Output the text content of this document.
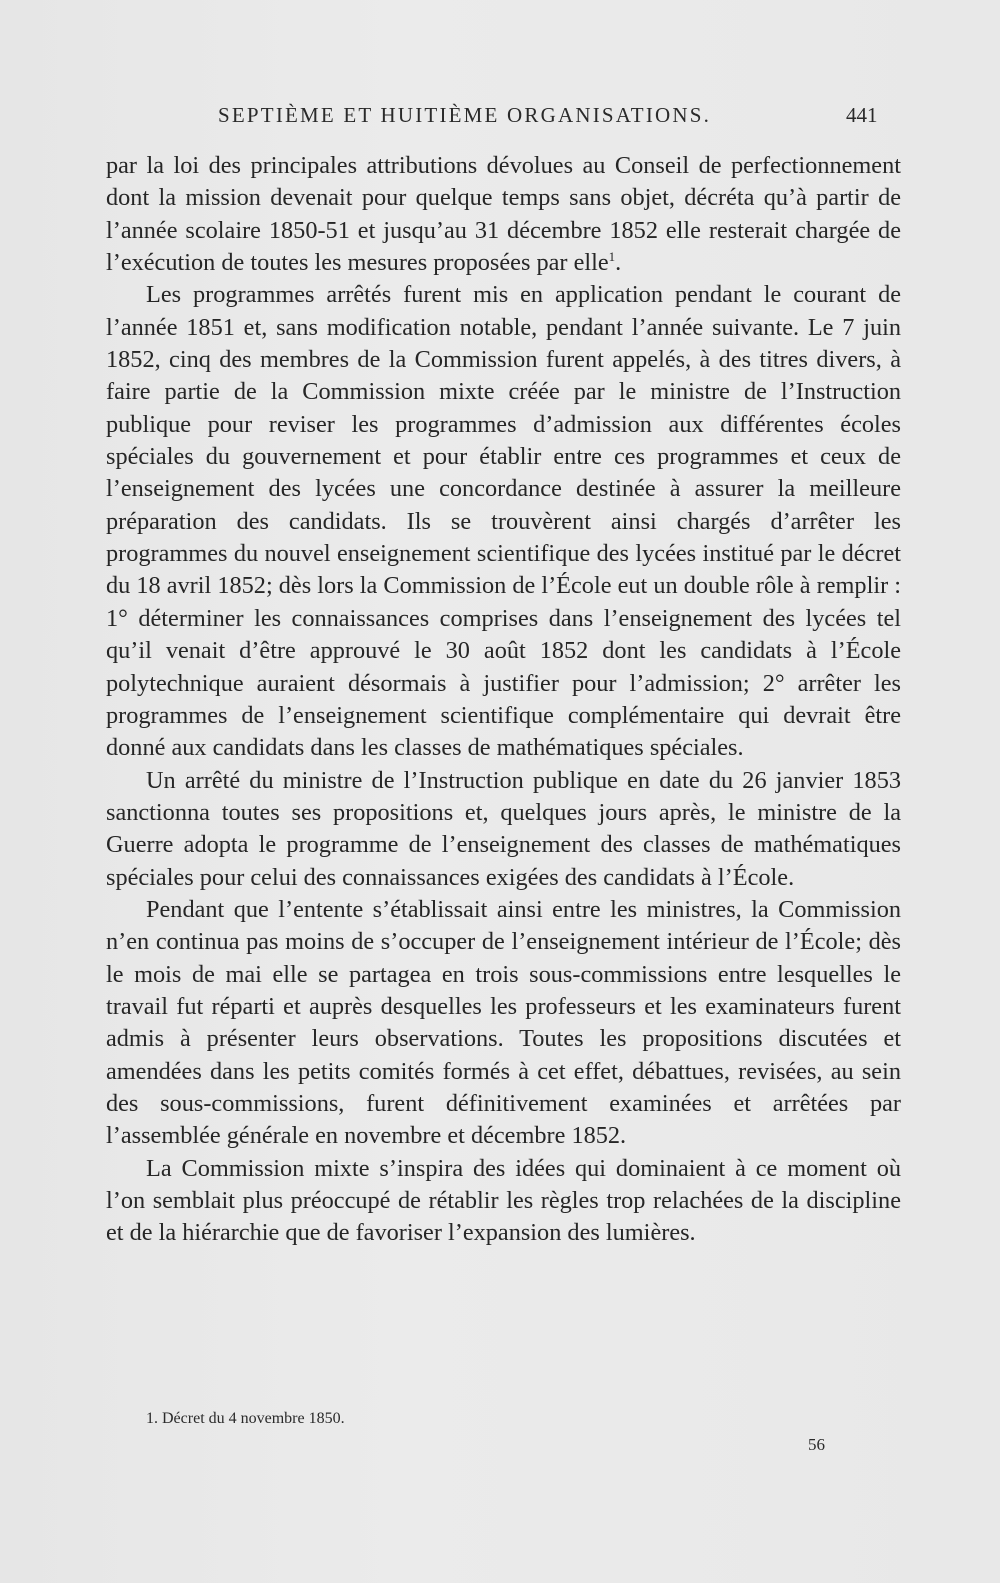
SEPTIÈME ET HUITIÈME ORGANISATIONS.	441

par la loi des principales attributions dévolues au Conseil de perfectionnement dont la mission devenait pour quelque temps sans objet, décréta qu’à partir de l’année scolaire 1850-51 et jusqu’au 31 décembre 1852 elle resterait chargée de l’exécution de toutes les mesures proposées par elle$^1$.

Les programmes arrêtés furent mis en application pendant le courant de l’année 1851 et, sans modification notable, pendant l’année suivante. Le 7 juin 1852, cinq des membres de la Commission furent appelés, à des titres divers, à faire partie de la Commission mixte créée par le ministre de l’Instruction publique pour reviser les programmes d’admission aux différentes écoles spéciales du gouvernement et pour établir entre ces programmes et ceux de l’enseignement des lycées une concordance destinée à assurer la meilleure préparation des candidats. Ils se trouvèrent ainsi chargés d’arrêter les programmes du nouvel enseignement scientifique des lycées institué par le décret du 18 avril 1852; dès lors la Commission de l’École eut un double rôle à remplir : 1° déterminer les connaissances comprises dans l’enseignement des lycées tel qu’il venait d’être approuvé le 30 août 1852 dont les candidats à l’École polytechnique auraient désormais à justifier pour l’admission; 2° arrêter les programmes de l’enseignement scientifique complémentaire qui devrait être donné aux candidats dans les classes de mathématiques spéciales.

Un arrêté du ministre de l’Instruction publique en date du 26 janvier 1853 sanctionna toutes ses propositions et, quelques jours après, le ministre de la Guerre adopta le programme de l’enseignement des classes de mathématiques spéciales pour celui des connaissances exigées des candidats à l’École.

Pendant que l’entente s’établissait ainsi entre les ministres, la Commission n’en continua pas moins de s’occuper de l’enseignement intérieur de l’École; dès le mois de mai elle se partagea en trois sous-commissions entre lesquelles le travail fut réparti et auprès desquelles les professeurs et les examinateurs furent admis à présenter leurs observations. Toutes les propositions discutées et amendées dans les petits comités formés à cet effet, débattues, revisées, au sein des sous-commissions, furent définitivement examinées et arrêtées par l’assemblée générale en novembre et décembre 1852.

La Commission mixte s’inspira des idées qui dominaient à ce moment où l’on semblait plus préoccupé de rétablir les règles trop relachées de la discipline et de la hiérarchie que de favoriser l’expansion des lumières.

1. Décret du 4 novembre 1850.
56
